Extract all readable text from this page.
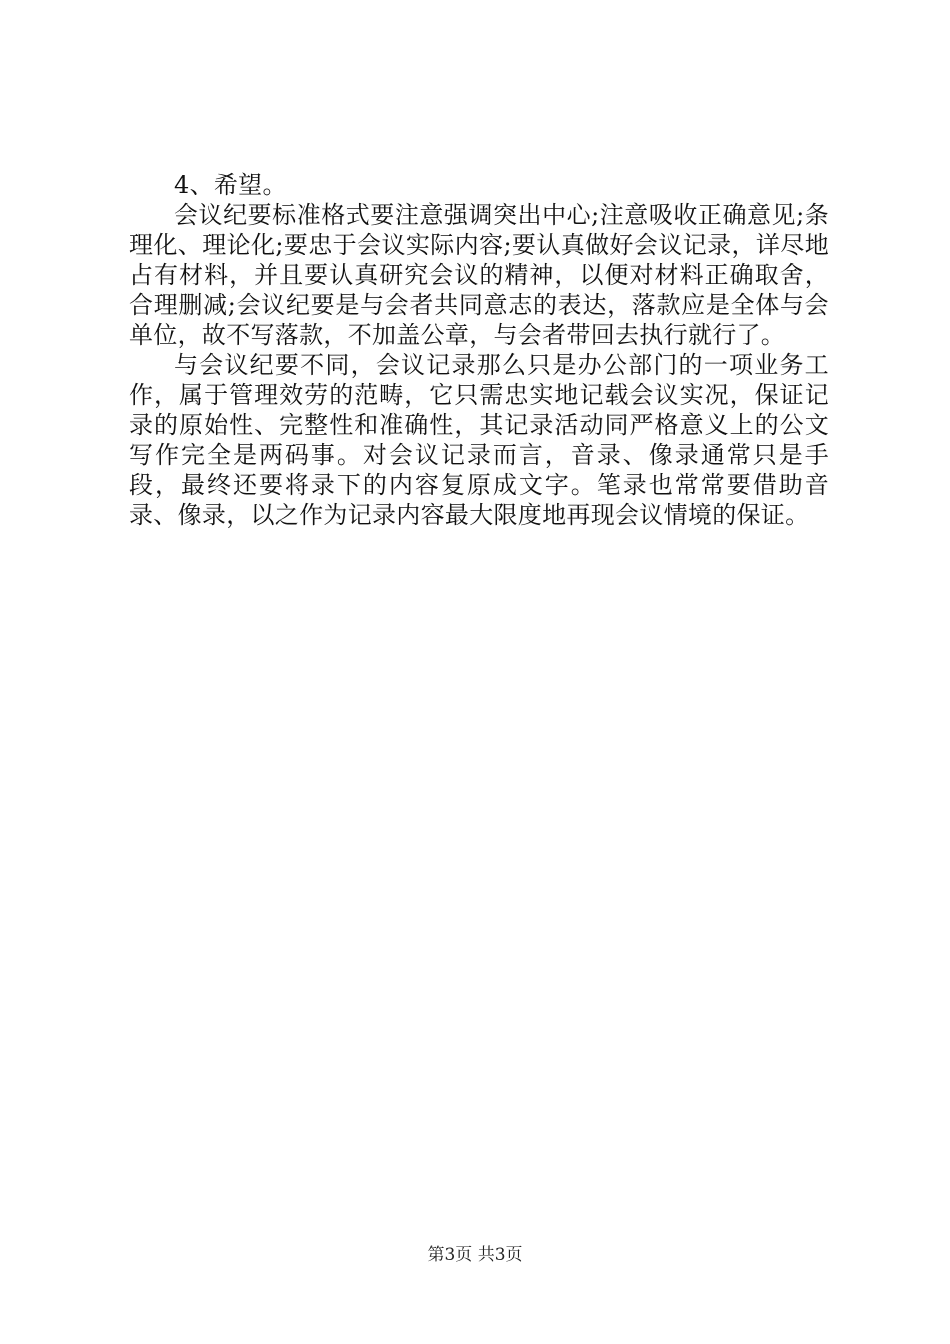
4、希望。

会议纪要标准格式要注意强调突出中心;注意吸收正确意见;条理化、理论化;要忠于会议实际内容;要认真做好会议记录，详尽地占有材料，并且要认真研究会议的精神，以便对材料正确取舍，合理删减;会议纪要是与会者共同意志的表达，落款应是全体与会单位，故不写落款，不加盖公章，与会者带回去执行就行了。

与会议纪要不同，会议记录那么只是办公部门的一项业务工作，属于管理效劳的范畴，它只需忠实地记载会议实况，保证记录的原始性、完整性和准确性，其记录活动同严格意义上的公文写作完全是两码事。对会议记录而言，音录、像录通常只是手段，最终还要将录下的内容复原成文字。笔录也常常要借助音录、像录，以之作为记录内容最大限度地再现会议情境的保证。

第3页 共3页
